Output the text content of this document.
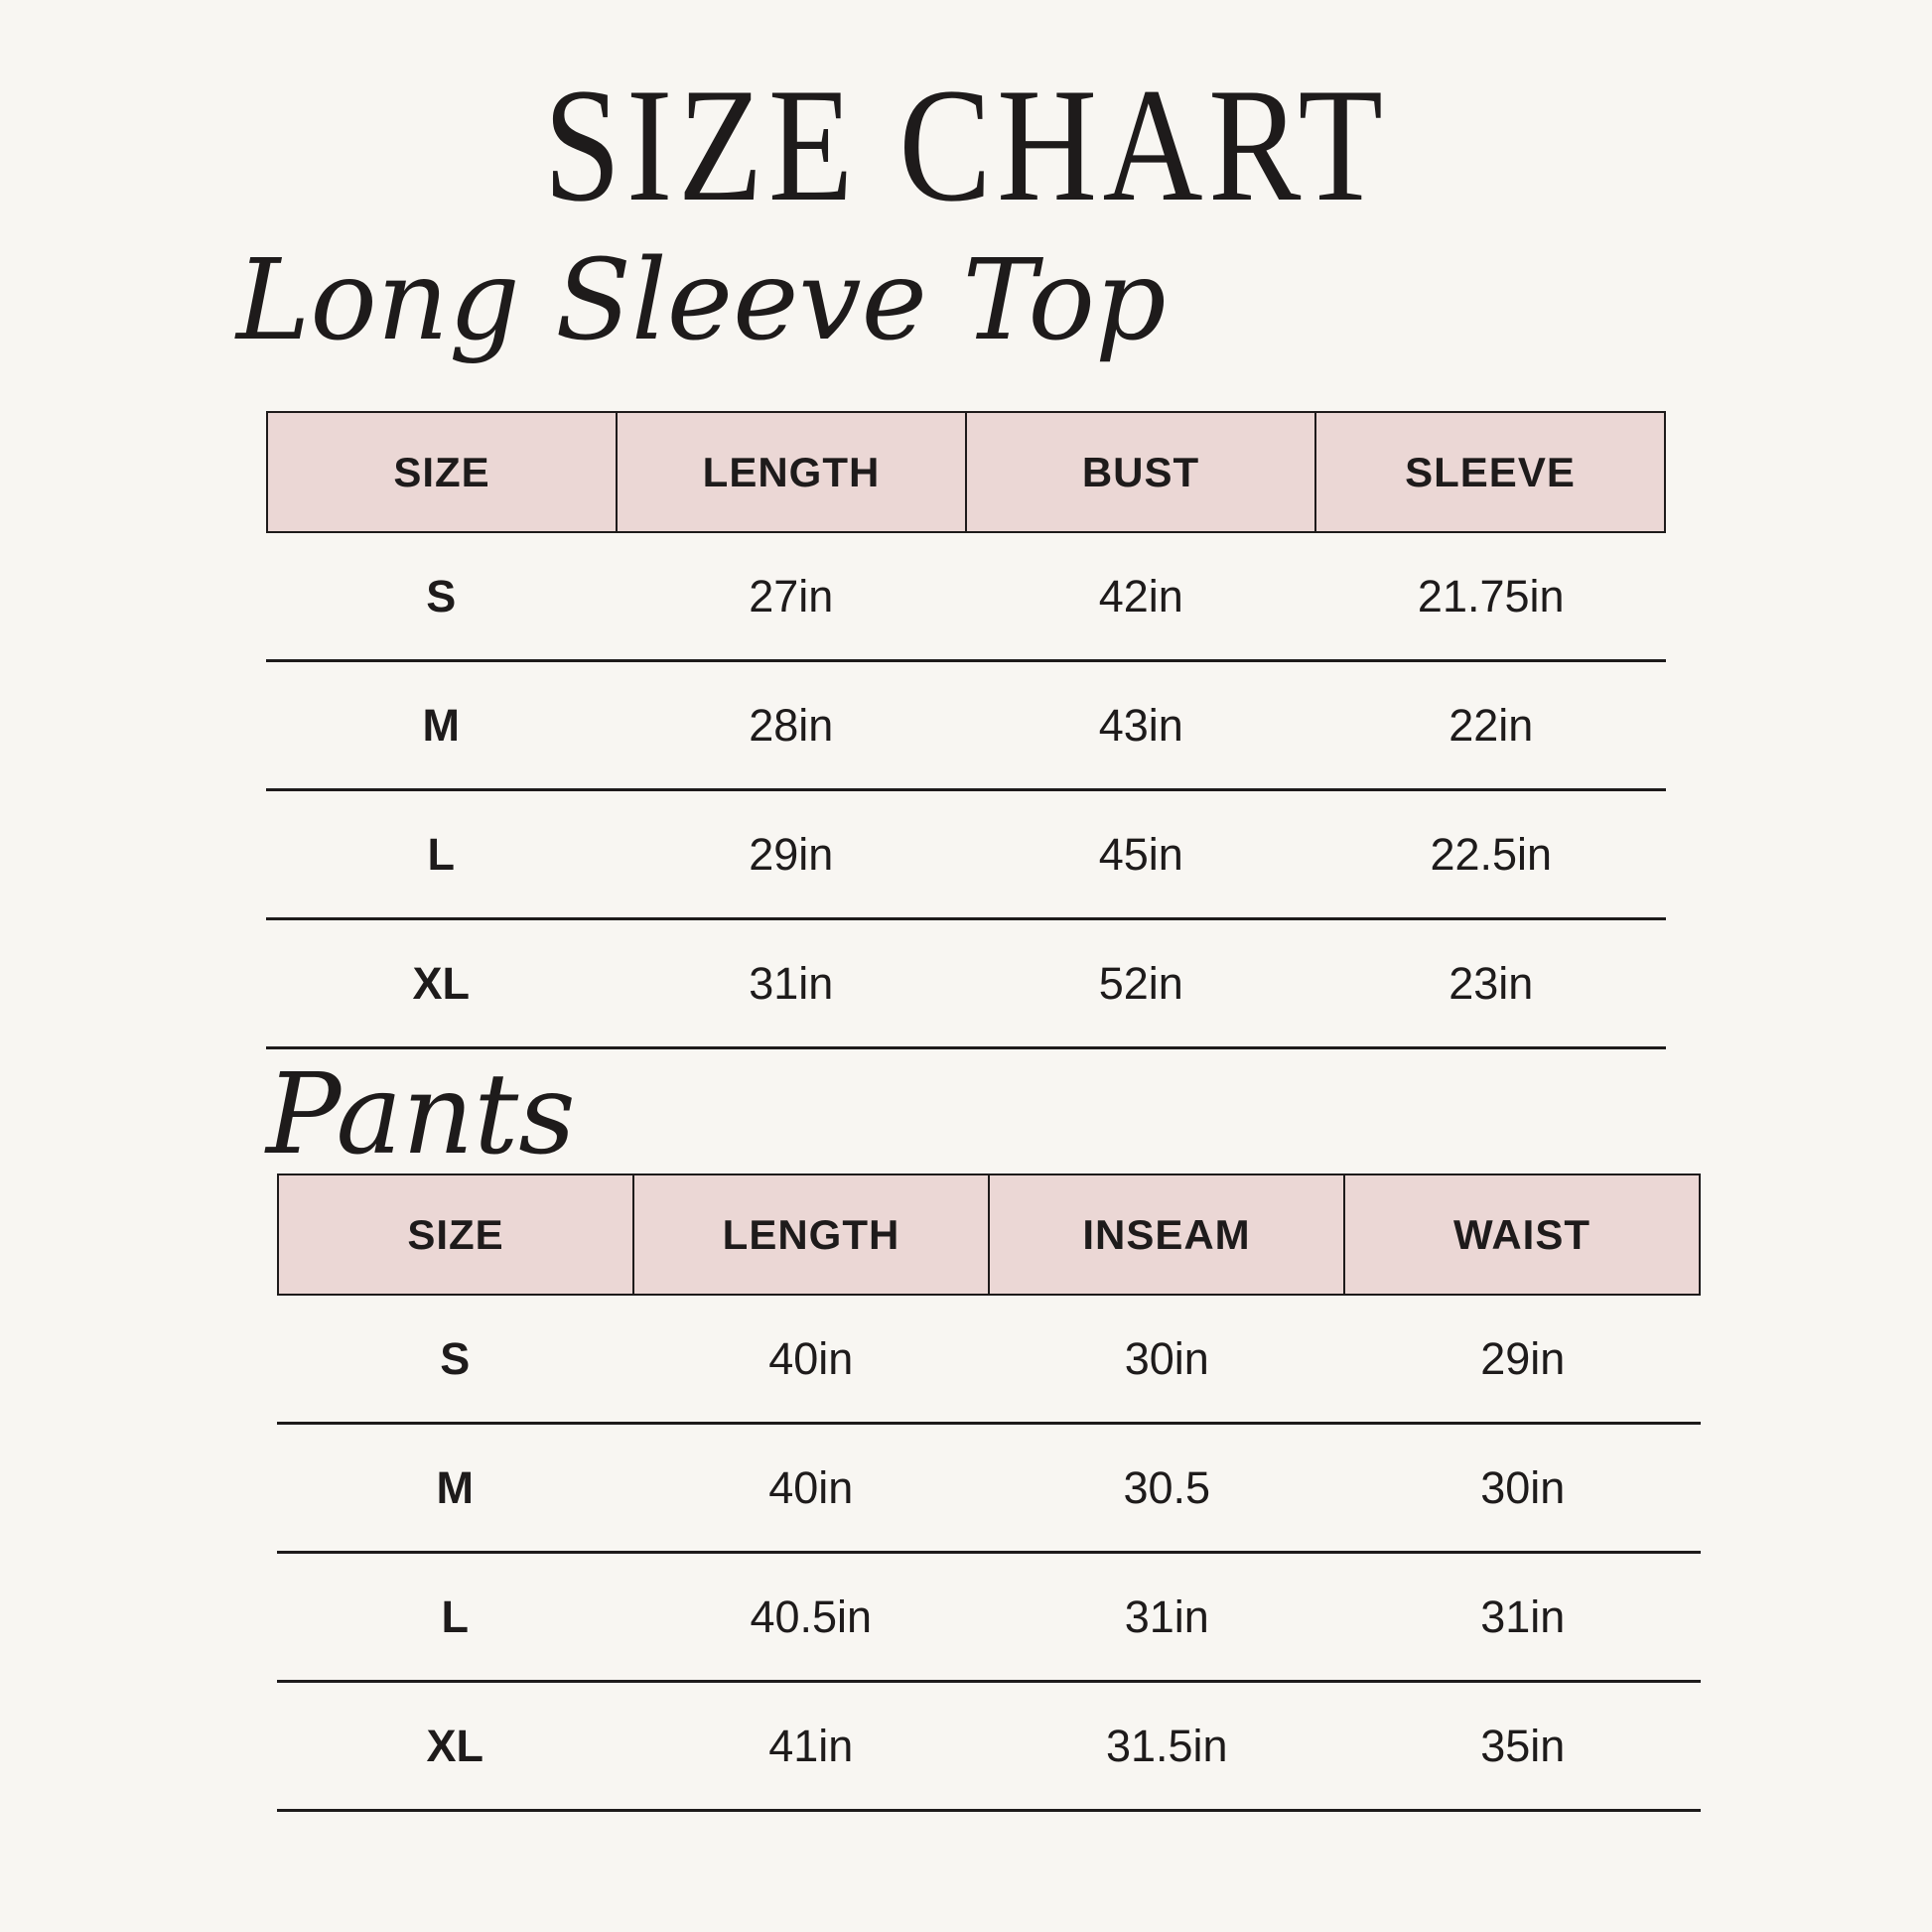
SIZE CHART
Long Sleeve Top
SIZE	LENGTH	BUST	SLEEVE
S	27in	42in	21.75in
M	28in	43in	22in
L	29in	45in	22.5in
XL	31in	52in	23in
Pants
SIZE	LENGTH	INSEAM	WAIST
S	40in	30in	29in
M	40in	30.5	30in
L	40.5in	31in	31in
XL	41in	31.5in	35in
